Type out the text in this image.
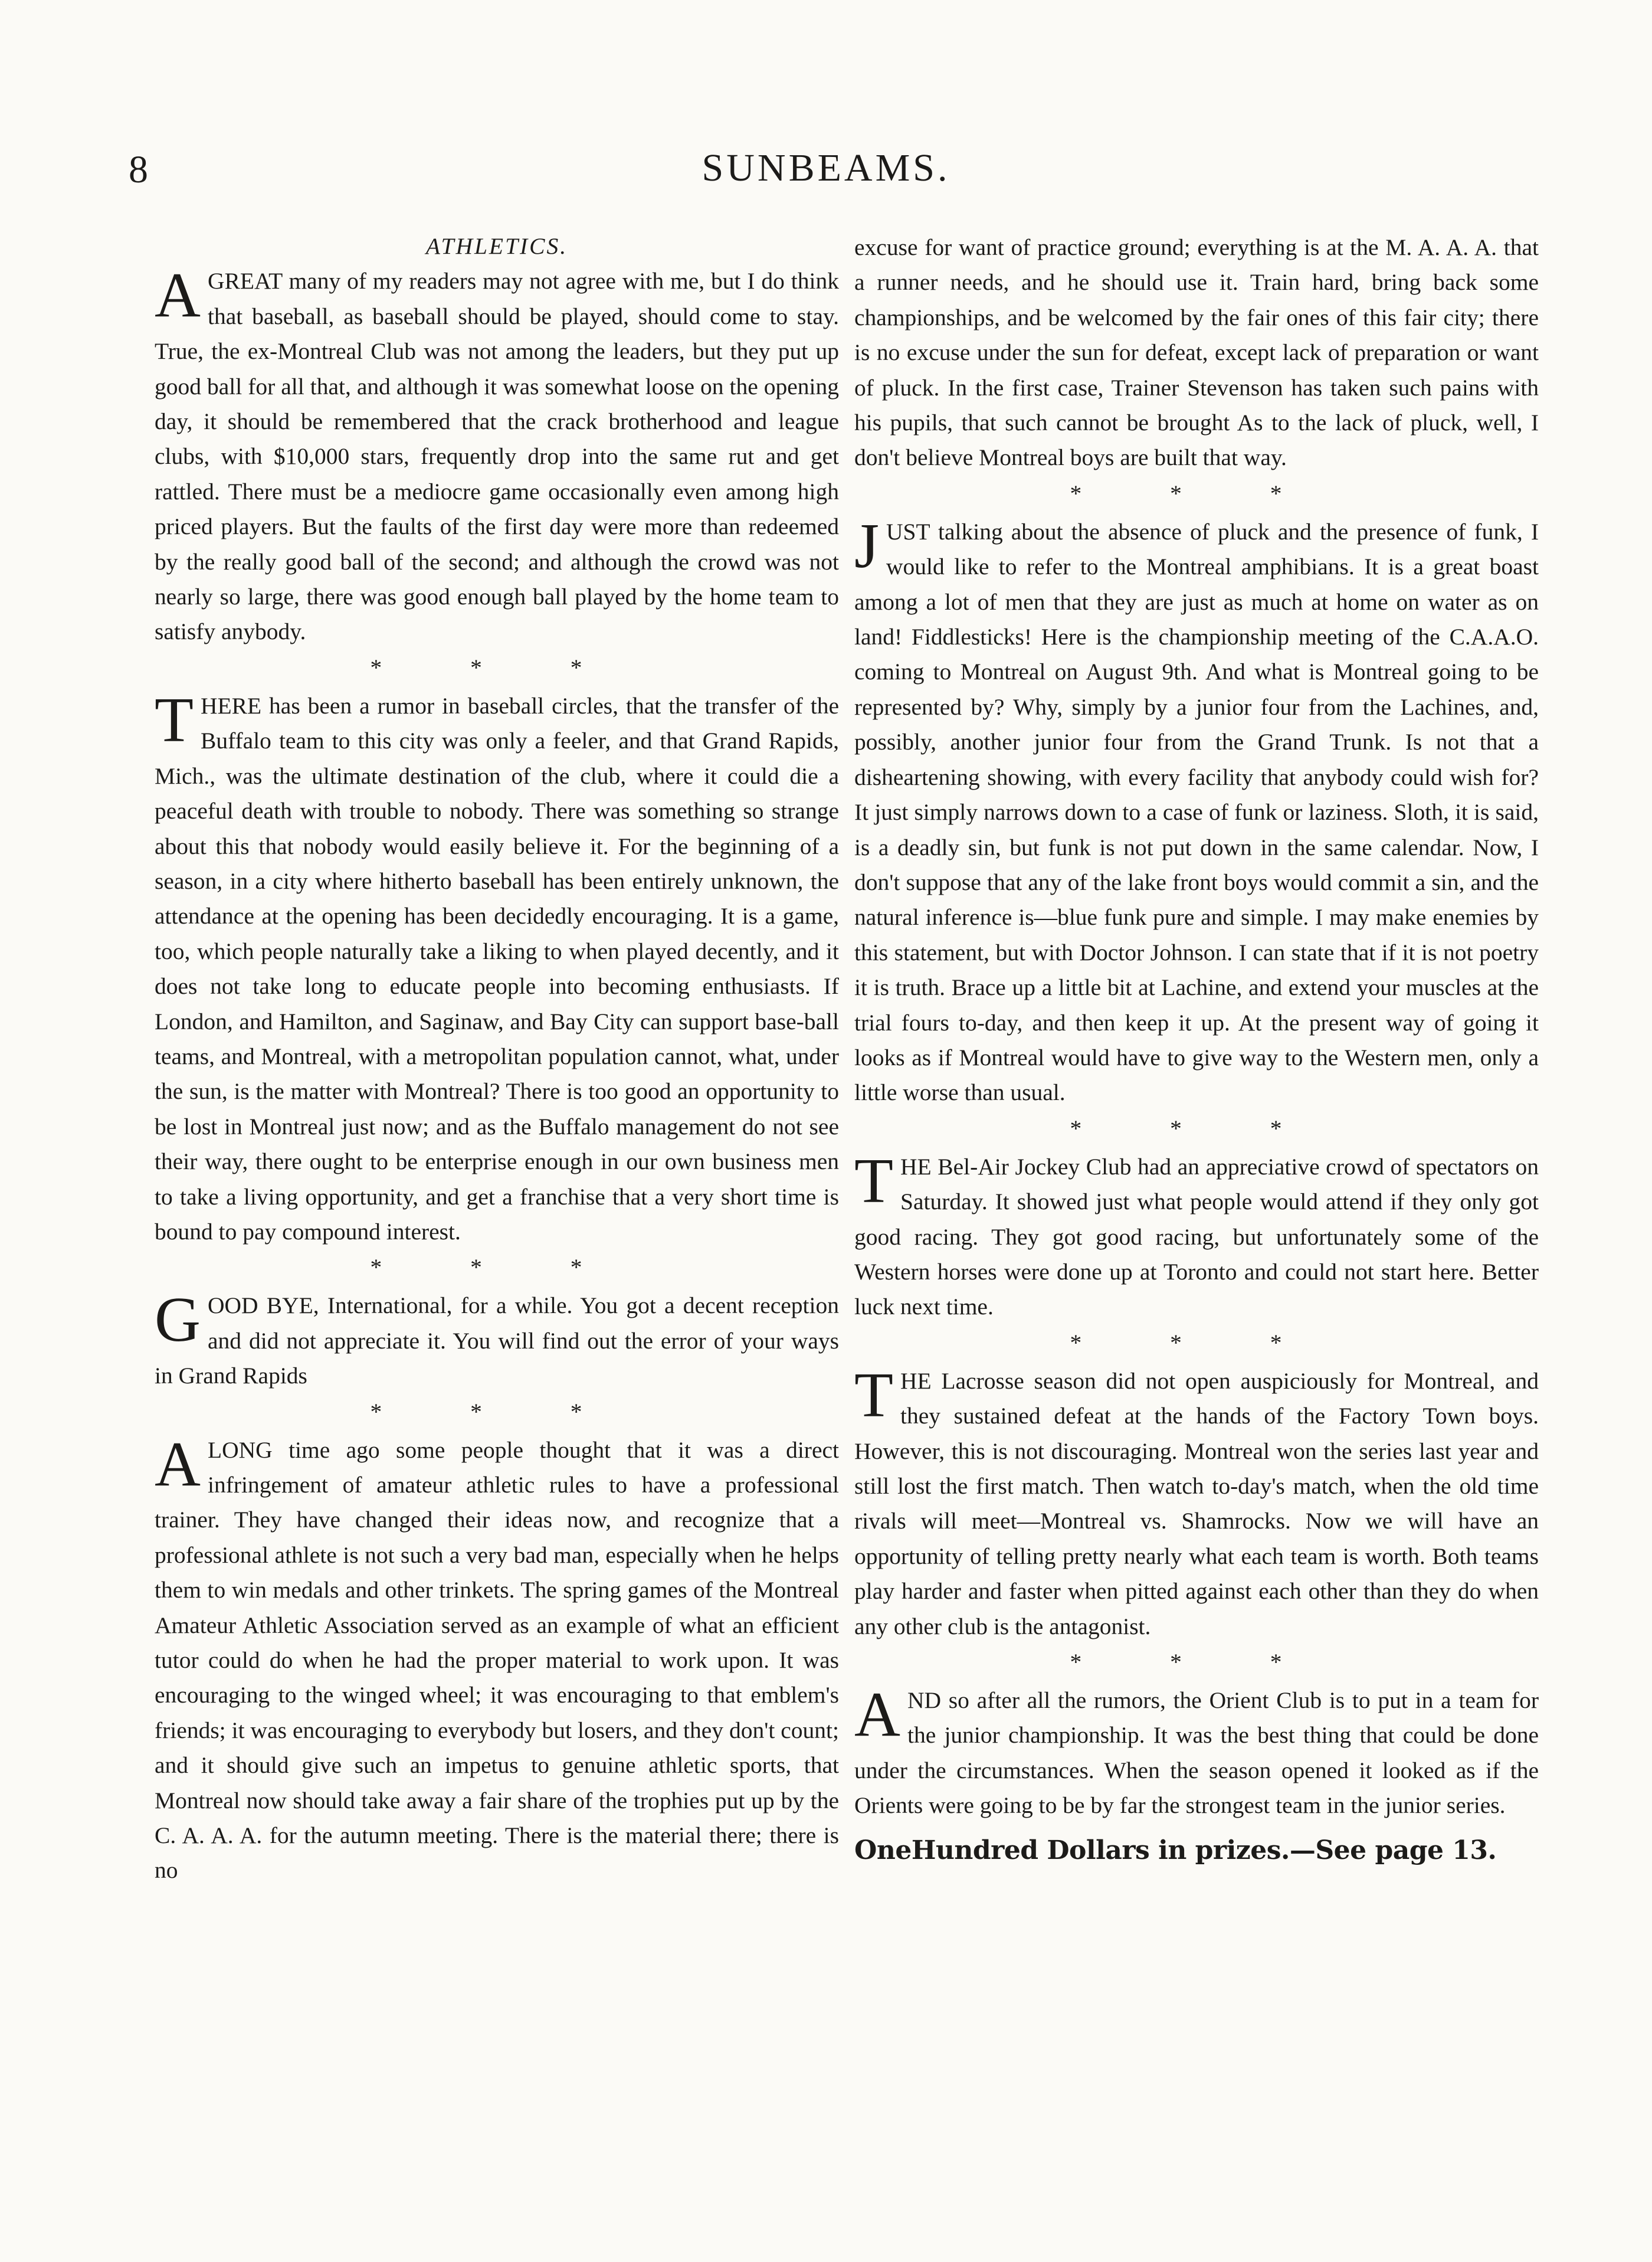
8	SUNBEAMS.
ATHLETICS.

AGREAT many of my readers may not agree with me, but I do think that baseball, as baseball should be played, should come to stay. True, the ex-Montreal Club was not among the leaders, but they put up good ball for all that, and although it was somewhat loose on the opening day, it should be remembered that the crack brotherhood and league clubs, with $10,000 stars, frequently drop into the same rut and get rattled. There must be a mediocre game occasionally even among high priced players. But the faults of the first day were more than redeemed by the really good ball of the second; and although the crowd was not nearly so large, there was good enough ball played by the home team to satisfy anybody.

* * *

THERE has been a rumor in baseball circles, that the transfer of the Buffalo team to this city was only a feeler, and that Grand Rapids, Mich., was the ultimate destination of the club, where it could die a peaceful death with trouble to nobody. There was something so strange about this that nobody would easily believe it. For the beginning of a season, in a city where hitherto baseball has been entirely unknown, the attendance at the opening has been decidedly encouraging. It is a game, too, which people naturally take a liking to when played decently, and it does not take long to educate people into becoming enthusiasts. If London, and Hamilton, and Saginaw, and Bay City can support base-ball teams, and Montreal, with a metropolitan population cannot, what, under the sun, is the matter with Montreal? There is too good an opportunity to be lost in Montreal just now; and as the Buffalo management do not see their way, there ought to be enterprise enough in our own business men to take a living opportunity, and get a franchise that a very short time is bound to pay compound interest.

* * *

GOOD BYE, International, for a while. You got a decent reception and did not appreciate it. You will find out the error of your ways in Grand Rapids

* * *

ALONG time ago some people thought that it was a direct infringement of amateur athletic rules to have a professional trainer. They have changed their ideas now, and recognize that a professional athlete is not such a very bad man, especially when he helps them to win medals and other trinkets. The spring games of the Montreal Amateur Athletic Association served as an example of what an efficient tutor could do when he had the proper material to work upon. It was encouraging to the winged wheel; it was encouraging to that emblem's friends; it was encouraging to everybody but losers, and they don't count; and it should give such an impetus to genuine athletic sports, that Montreal now should take away a fair share of the trophies put up by the C. A. A. A. for the autumn meeting. There is the material there; there is no

excuse for want of practice ground; everything is at the M. A. A. A. that a runner needs, and he should use it. Train hard, bring back some championships, and be welcomed by the fair ones of this fair city; there is no excuse under the sun for defeat, except lack of preparation or want of pluck. In the first case, Trainer Stevenson has taken such pains with his pupils, that such cannot be brought As to the lack of pluck, well, I don't believe Montreal boys are built that way.

* * *

JUST talking about the absence of pluck and the presence of funk, I would like to refer to the Montreal amphibians. It is a great boast among a lot of men that they are just as much at home on water as on land! Fiddlesticks! Here is the championship meeting of the C.A.A.O. coming to Montreal on August 9th. And what is Montreal going to be represented by? Why, simply by a junior four from the Lachines, and, possibly, another junior four from the Grand Trunk. Is not that a disheartening showing, with every facility that anybody could wish for? It just simply narrows down to a case of funk or laziness. Sloth, it is said, is a deadly sin, but funk is not put down in the same calendar. Now, I don't suppose that any of the lake front boys would commit a sin, and the natural inference is—blue funk pure and simple. I may make enemies by this statement, but with Doctor Johnson. I can state that if it is not poetry it is truth. Brace up a little bit at Lachine, and extend your muscles at the trial fours to-day, and then keep it up. At the present way of going it looks as if Montreal would have to give way to the Western men, only a little worse than usual.

* * *

THE Bel-Air Jockey Club had an appreciative crowd of spectators on Saturday. It showed just what people would attend if they only got good racing. They got good racing, but unfortunately some of the Western horses were done up at Toronto and could not start here. Better luck next time.

* * *

THE Lacrosse season did not open auspiciously for Montreal, and they sustained defeat at the hands of the Factory Town boys. However, this is not discouraging. Montreal won the series last year and still lost the first match. Then watch to-day's match, when the old time rivals will meet—Montreal vs. Shamrocks. Now we will have an opportunity of telling pretty nearly what each team is worth. Both teams play harder and faster when pitted against each other than they do when any other club is the antagonist.

* * *

AND so after all the rumors, the Orient Club is to put in a team for the junior championship. It was the best thing that could be done under the circumstances. When the season opened it looked as if the Orients were going to be by far the strongest team in the junior series.

OneHundred Dollars in prizes.—See page 13.
